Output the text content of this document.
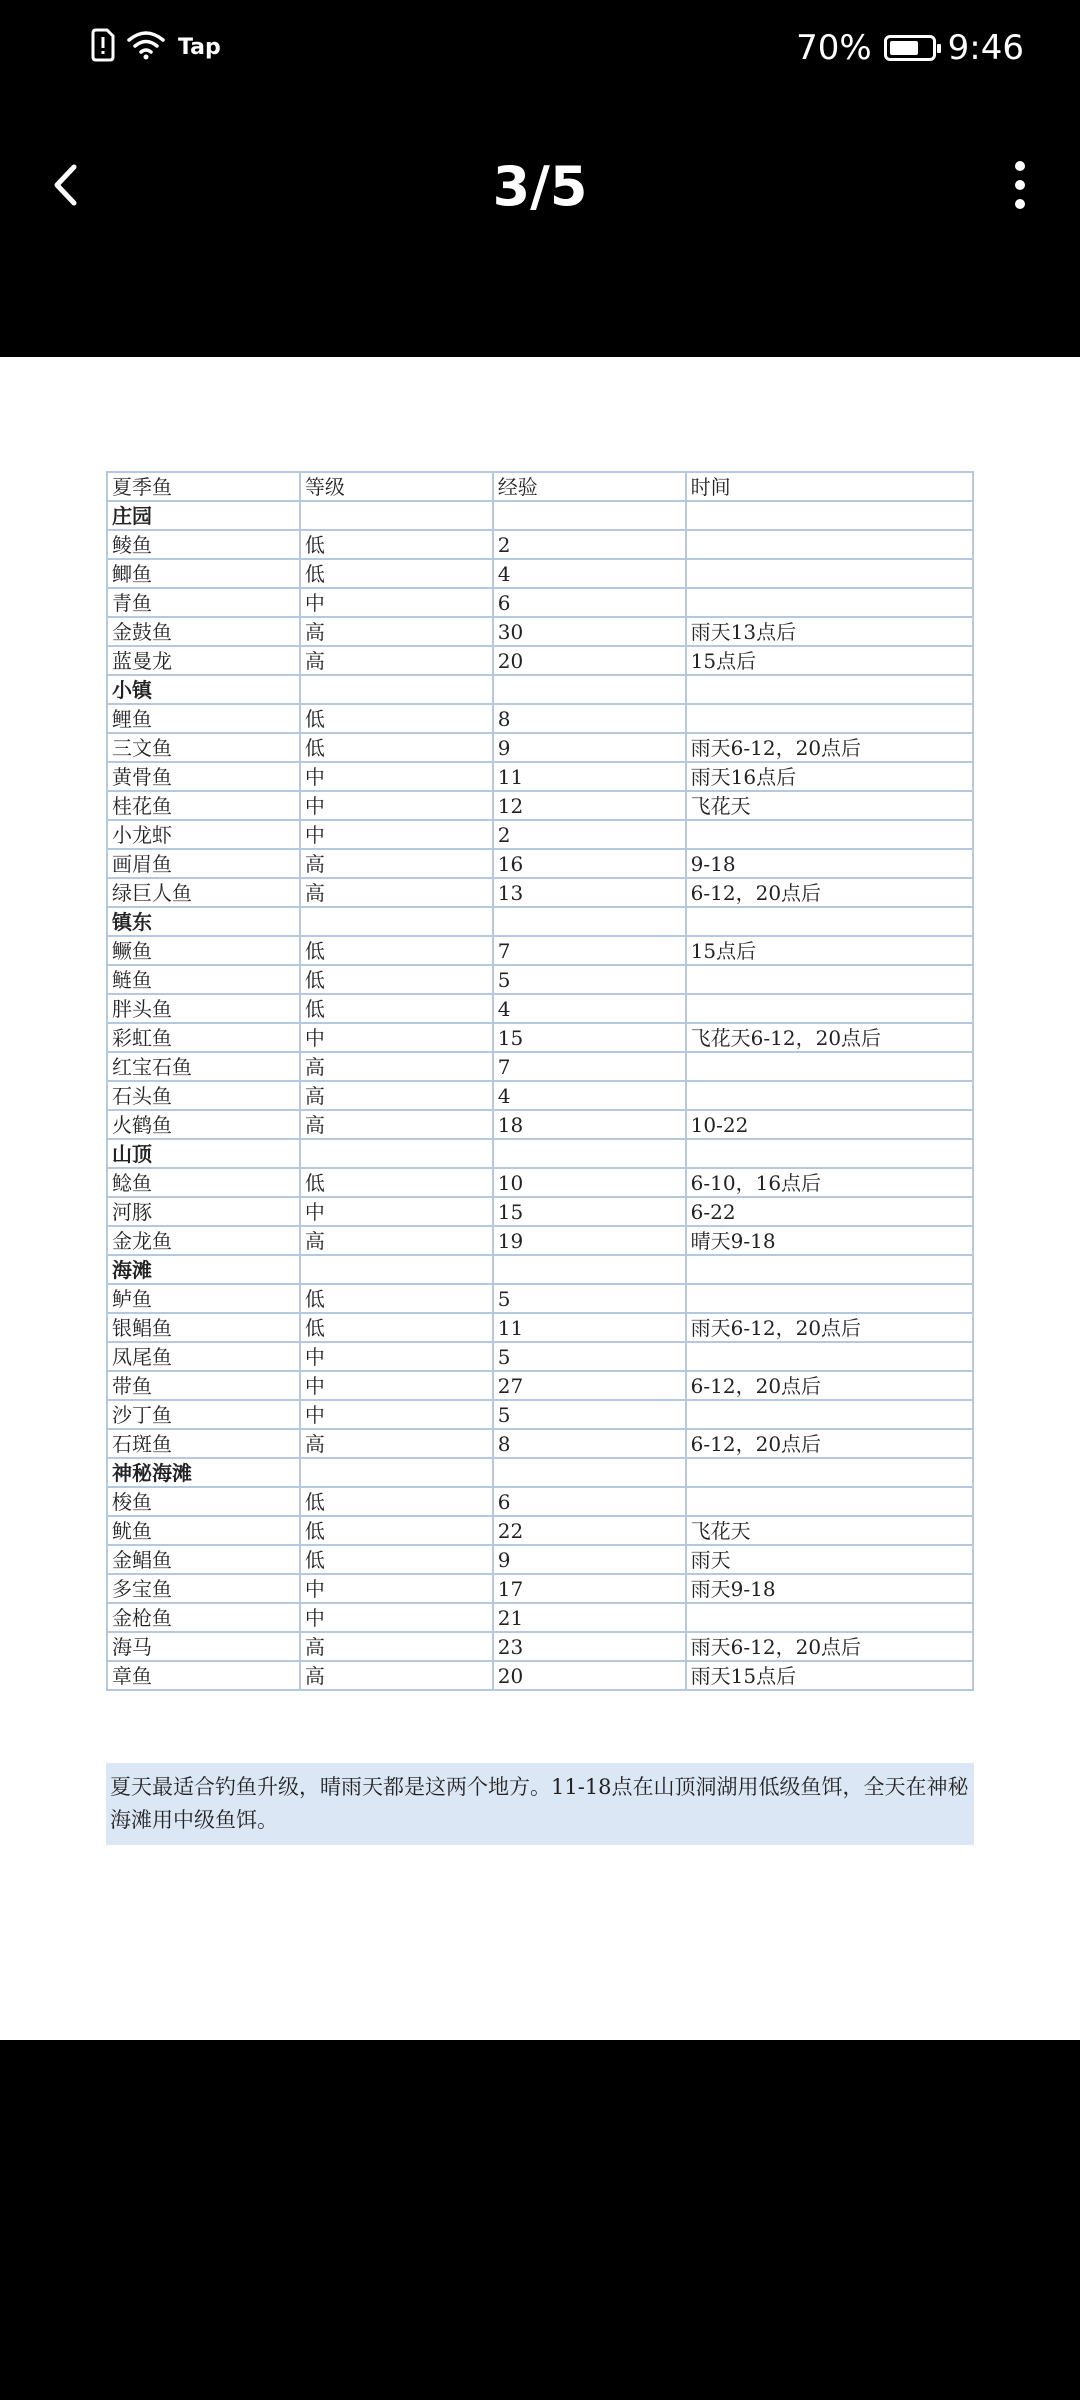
Tap	70% 9:46
3/5
夏季鱼	等级	经验	时间
庄园			
鲮鱼	低	2	
鲫鱼	低	4	
青鱼	中	6	
金鼓鱼	高	30	雨天13点后
蓝曼龙	高	20	15点后
小镇			
鲤鱼	低	8	
三文鱼	低	9	雨天6-12，20点后
黄骨鱼	中	11	雨天16点后
桂花鱼	中	12	飞花天
小龙虾	中	2	
画眉鱼	高	16	9-18
绿巨人鱼	高	13	6-12，20点后
镇东			
鳜鱼	低	7	15点后
鲢鱼	低	5	
胖头鱼	低	4	
彩虹鱼	中	15	飞花天6-12，20点后
红宝石鱼	高	7	
石头鱼	高	4	
火鹤鱼	高	18	10-22
山顶			
鲶鱼	低	10	6-10，16点后
河豚	中	15	6-22
金龙鱼	高	19	晴天9-18
海滩			
鲈鱼	低	5	
银鲳鱼	低	11	雨天6-12，20点后
凤尾鱼	中	5	
带鱼	中	27	6-12，20点后
沙丁鱼	中	5	
石斑鱼	高	8	6-12，20点后
神秘海滩			
梭鱼	低	6	
鱿鱼	低	22	飞花天
金鲳鱼	低	9	雨天
多宝鱼	中	17	雨天9-18
金枪鱼	中	21	
海马	高	23	雨天6-12，20点后
章鱼	高	20	雨天15点后
夏天最适合钓鱼升级，晴雨天都是这两个地方。11-18点在山顶洞湖用低级鱼饵，全天在神秘海滩用中级鱼饵。
